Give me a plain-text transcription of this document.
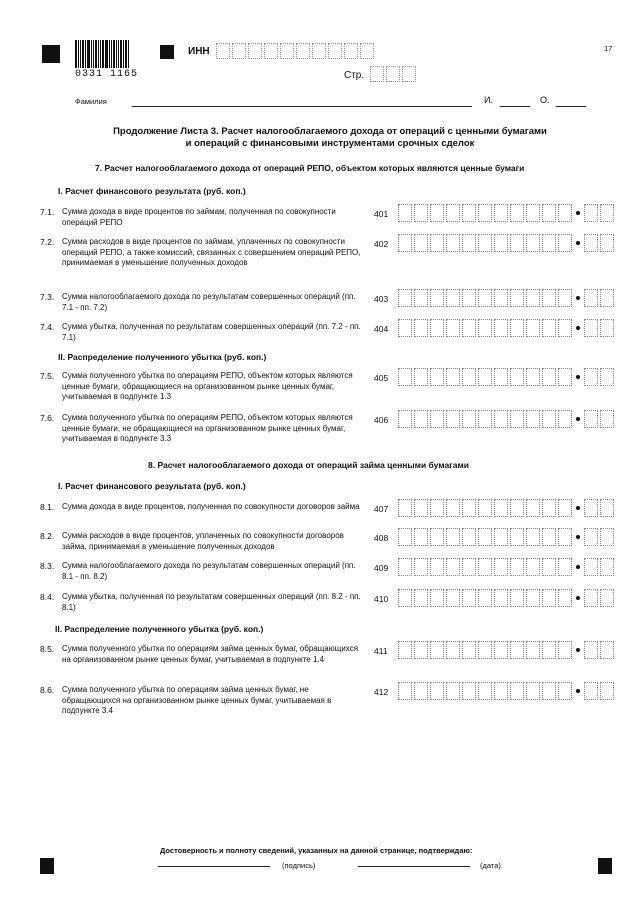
0331 1165
ИНН	17
Стр.
Фамилия	И.	О.
Продолжение Листа 3. Расчет налогооблагаемого дохода от операций с ценными бумагами
и операций с финансовыми инструментами срочных сделок
7. Расчет налогооблагаемого дохода от операций РЕПО, объектом которых являются ценные бумаги
I. Расчет финансового результата (руб. коп.)
7.1. Сумма дохода в виде процентов по займам, полученная по совокупности операций РЕПО
401
7.2. Сумма расходов в виде процентов по займам, уплаченных по совокупности операций РЕПО, а также комиссий, связанных с совершением операций РЕПО, принимаемая в уменьшение полученных доходов
402
7.3. Сумма налогооблагаемого дохода по результатам совершенных операций (пп. 7.1 - пп. 7.2)
403
7.4. Сумма убытка, полученная по результатам совершенных операций (пп. 7.2 - пп. 7.1)
404
II. Распределение полученного убытка (руб. коп.)
7.5. Сумма полученного убытка по операциям РЕПО, объектом которых являются ценные бумаги, обращающиеся на организованном рынке ценных бумаг, учитываемая в подпункте 1.3
405
7.6. Сумма полученного убытка по операциям РЕПО, объектом которых являются ценные бумаги, не обращающиеся на организованном рынке ценных бумаг, учитываемая в подпункте 3.3
406
8. Расчет налогооблагаемого дохода от операций займа ценными бумагами
I. Расчет финансового результата (руб. коп.)
8.1. Сумма дохода в виде процентов, полученная по совокупности договоров займа 407
8.2. Сумма расходов в виде процентов, уплаченных по совокупности договоров займа, принимаемая в уменьшение полученных доходов
408
8.3. Сумма налогооблагаемого дохода по результатам совершенных операций (пп. 8.1 - пп. 8.2)
409
8.4. Сумма убытка, полученная по результатам совершенных операций (пп. 8.2 - пп. 8.1)
410
II. Распределение полученного убытка (руб. коп.)
8.5. Сумма полученного убытка по операциям займа ценных бумаг, обращающихся на организованном рынке ценных бумаг, учитываемая в подпункте 1.4
411
8.6. Сумма полученного убытка по операциям займа ценных бумаг, не обращающихся на организованном рынке ценных бумаг, учитываемая в подпункте 3.4
412
Достоверность и полноту сведений, указанных на данной странице, подтверждаю:
(подпись)	(дата)
